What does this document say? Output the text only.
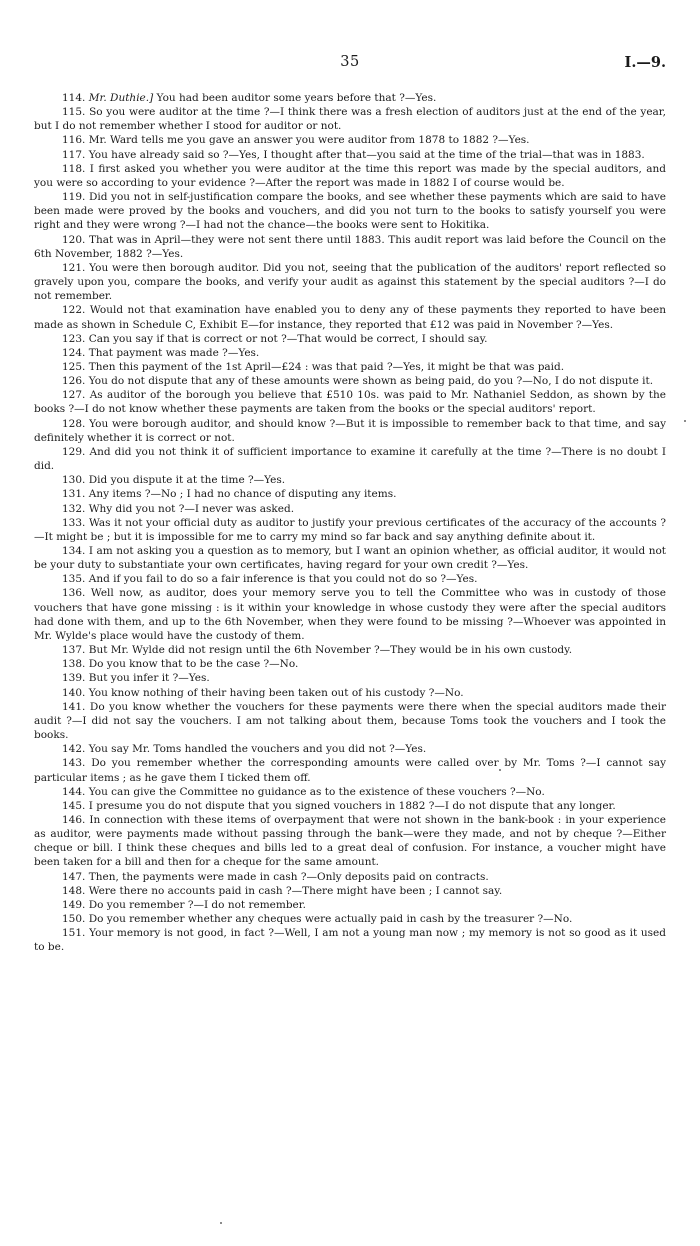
35	I.—9.

114. Mr. Duthie.] You had been auditor some years before that ?—Yes.

115. So you were auditor at the time ?—I think there was a fresh election of auditors just at the end of the year, but I do not remember whether I stood for auditor or not.

116. Mr. Ward tells me you gave an answer you were auditor from 1878 to 1882 ?—Yes.

117. You have already said so ?—Yes, I thought after that—you said at the time of the trial—that was in 1883.

118. I first asked you whether you were auditor at the time this report was made by the special auditors, and you were so according to your evidence ?—After the report was made in 1882 I of course would be.

119. Did you not in self-justification compare the books, and see whether these payments which are said to have been made were proved by the books and vouchers, and did you not turn to the books to satisfy yourself you were right and they were wrong ?—I had not the chance—the books were sent to Hokitika.

120. That was in April—they were not sent there until 1883. This audit report was laid before the Council on the 6th November, 1882 ?—Yes.

121. You were then borough auditor. Did you not, seeing that the publication of the auditors' report reflected so gravely upon you, compare the books, and verify your audit as against this statement by the special auditors ?—I do not remember.

122. Would not that examination have enabled you to deny any of these payments they reported to have been made as shown in Schedule C, Exhibit E—for instance, they reported that £12 was paid in November ?—Yes.

123. Can you say if that is correct or not ?—That would be correct, I should say.

124. That payment was made ?—Yes.

125. Then this payment of the 1st April—£24 : was that paid ?—Yes, it might be that was paid.

126. You do not dispute that any of these amounts were shown as being paid, do you ?—No, I do not dispute it.

127. As auditor of the borough you believe that £510 10s. was paid to Mr. Nathaniel Seddon, as shown by the books ?—I do not know whether these payments are taken from the books or the special auditors' report.

128. You were borough auditor, and should know ?—But it is impossible to remember back to that time, and say definitely whether it is correct or not.

129. And did you not think it of sufficient importance to examine it carefully at the time ?—There is no doubt I did.

130. Did you dispute it at the time ?—Yes.

131. Any items ?—No ; I had no chance of disputing any items.

132. Why did you not ?—I never was asked.

133. Was it not your official duty as auditor to justify your previous certificates of the accuracy of the accounts ?—It might be ; but it is impossible for me to carry my mind so far back and say anything definite about it.

134. I am not asking you a question as to memory, but I want an opinion whether, as official auditor, it would not be your duty to substantiate your own certificates, having regard for your own credit ?—Yes.

135. And if you fail to do so a fair inference is that you could not do so ?—Yes.

136. Well now, as auditor, does your memory serve you to tell the Committee who was in custody of those vouchers that have gone missing : is it within your knowledge in whose custody they were after the special auditors had done with them, and up to the 6th November, when they were found to be missing ?—Whoever was appointed in Mr. Wylde's place would have the custody of them.

137. But Mr. Wylde did not resign until the 6th November ?—They would be in his own custody.

138. Do you know that to be the case ?—No.

139. But you infer it ?—Yes.

140. You know nothing of their having been taken out of his custody ?—No.

141. Do you know whether the vouchers for these payments were there when the special auditors made their audit ?—I did not say the vouchers. I am not talking about them, because Toms took the vouchers and I took the books.

142. You say Mr. Toms handled the vouchers and you did not ?—Yes.

143. Do you remember whether the corresponding amounts were called over by Mr. Toms ?—I cannot say particular items ; as he gave them I ticked them off.

144. You can give the Committee no guidance as to the existence of these vouchers ?—No.

145. I presume you do not dispute that you signed vouchers in 1882 ?—I do not dispute that any longer.

146. In connection with these items of overpayment that were not shown in the bank-book : in your experience as auditor, were payments made without passing through the bank—were they made, and not by cheque ?—Either cheque or bill. I think these cheques and bills led to a great deal of confusion. For instance, a voucher might have been taken for a bill and then for a cheque for the same amount.

147. Then, the payments were made in cash ?—Only deposits paid on contracts.

148. Were there no accounts paid in cash ?—There might have been ; I cannot say.

149. Do you remember ?—I do not remember.

150. Do you remember whether any cheques were actually paid in cash by the treasurer ?—No.

151. Your memory is not good, in fact ?—Well, I am not a young man now ; my memory is not so good as it used to be.
